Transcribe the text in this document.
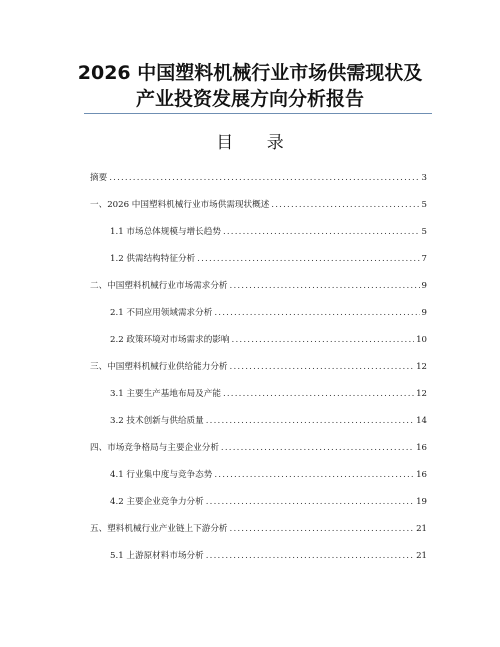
2026 中国塑料机械行业市场供需现状及
产业投资发展方向分析报告
目 录
摘要 .....	3
一、2026 中国塑料机械行业市场供需现状概述 .....	5
1.1 市场总体规模与增长趋势 .....	5
1.2 供需结构特征分析 .....	7
二、中国塑料机械行业市场需求分析 .....	9
2.1 不同应用领域需求分析 .....	9
2.2 政策环境对市场需求的影响 .....	10
三、中国塑料机械行业供给能力分析 .....	12
3.1 主要生产基地布局及产能 .....	12
3.2 技术创新与供给质量 .....	14
四、市场竞争格局与主要企业分析 .....	16
4.1 行业集中度与竞争态势 .....	16
4.2 主要企业竞争力分析 .....	19
五、塑料机械行业产业链上下游分析 .....	21
5.1 上游原材料市场分析 .....	21
